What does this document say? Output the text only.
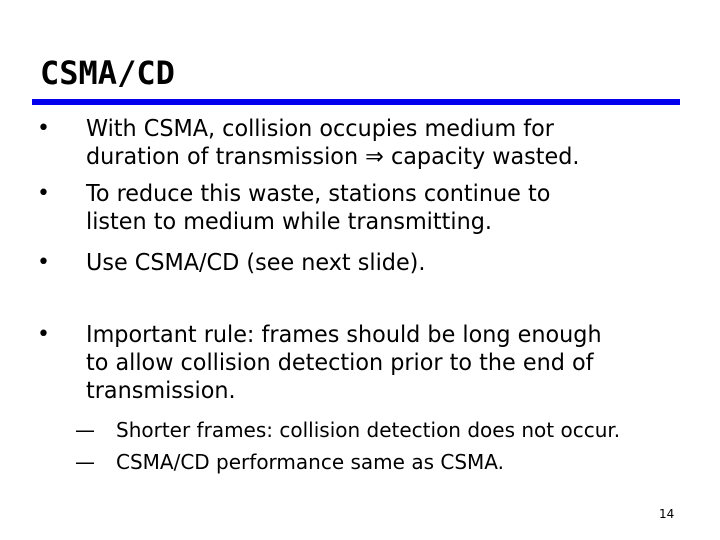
CSMA/CD
• With CSMA, collision occupies medium for
duration of transmission ⇒ capacity wasted.
• To reduce this waste, stations continue to
listen to medium while transmitting.
• Use CSMA/CD (see next slide).
• Important rule: frames should be long enough
to allow collision detection prior to the end of
transmission.
— Shorter frames: collision detection does not occur.
— CSMA/CD performance same as CSMA.
14
